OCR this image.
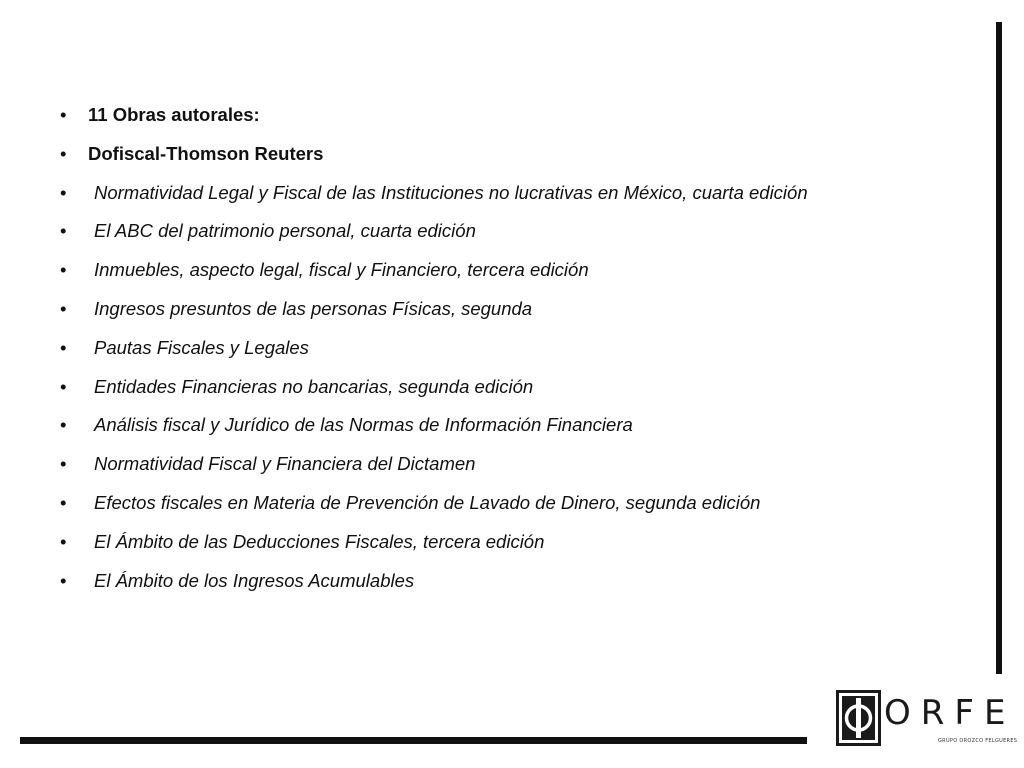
• 11 Obras autorales:
• Dofiscal-Thomson Reuters
• Normatividad Legal y Fiscal de las Instituciones no lucrativas en México, cuarta edición
• El ABC del patrimonio personal, cuarta edición
• Inmuebles, aspecto legal, fiscal y Financiero, tercera edición
• Ingresos presuntos de las personas Físicas, segunda
• Pautas Fiscales y Legales
• Entidades Financieras no bancarias, segunda edición
• Análisis fiscal y Jurídico de las Normas de Información Financiera
• Normatividad Fiscal y Financiera del Dictamen
• Efectos fiscales en Materia de Prevención de Lavado de Dinero, segunda edición
• El Ámbito de las Deducciones Fiscales, tercera edición
• El Ámbito de los Ingresos Acumulables
ORFE
GRUPO OROZCO FELGUERES
